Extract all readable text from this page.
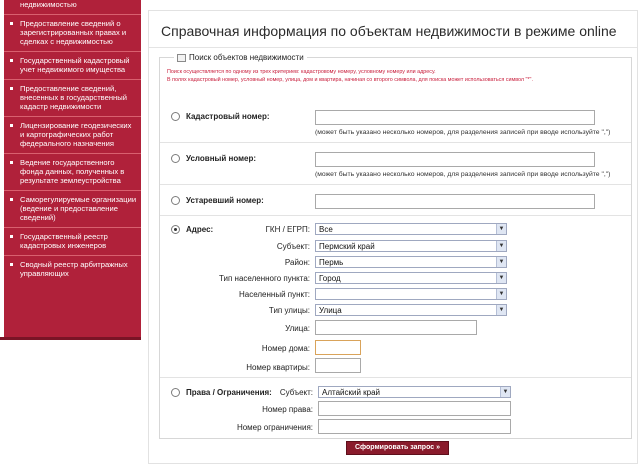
недвижимостью
Предоставление сведений о зарегистрированных правах и сделках с недвижимостью
Государственный кадастровый учет недвижимого имущества
Предоставление сведений, внесенных в государственный кадастр недвижимости
Лицензирование геодезических и картографических работ федерального назначения
Ведение государственного фонда данных, полученных в результате землеустройства
Саморегулируемые организации (ведение и предоставление сведений)
Государственный реестр кадастровых инженеров
Сводный реестр арбитражных управляющих
Справочная информация по объектам недвижимости в режиме online
Поиск объектов недвижимости
Поиск осуществляется по одному из трех критериев: кадастровому номеру, условному номеру или адресу.
В полях кадастровый номер, условный номер, улица, дом и квартира, начиная со второго символа, для поиска может использоваться символ "*".
Кадастровый номер:
(может быть указано несколько номеров, для разделения записей при вводе используйте ",")
Условный номер:
(может быть указано несколько номеров, для разделения записей при вводе используйте ",")
Устаревший номер:
Адрес:	ГКН / ЕГРП:	Все	▼
Субъект:	Пермский край	▼
Район:	Пермь	▼
Тип населенного пункта:	Город	▼
Населенный пункт:	▼
Тип улицы:	Улица	▼
Улица:
Номер дома:
Номер квартиры:
Права / Ограничения: Субъект:	Алтайский край	▼
Номер права:
Номер ограничения:
Сформировать запрос »
